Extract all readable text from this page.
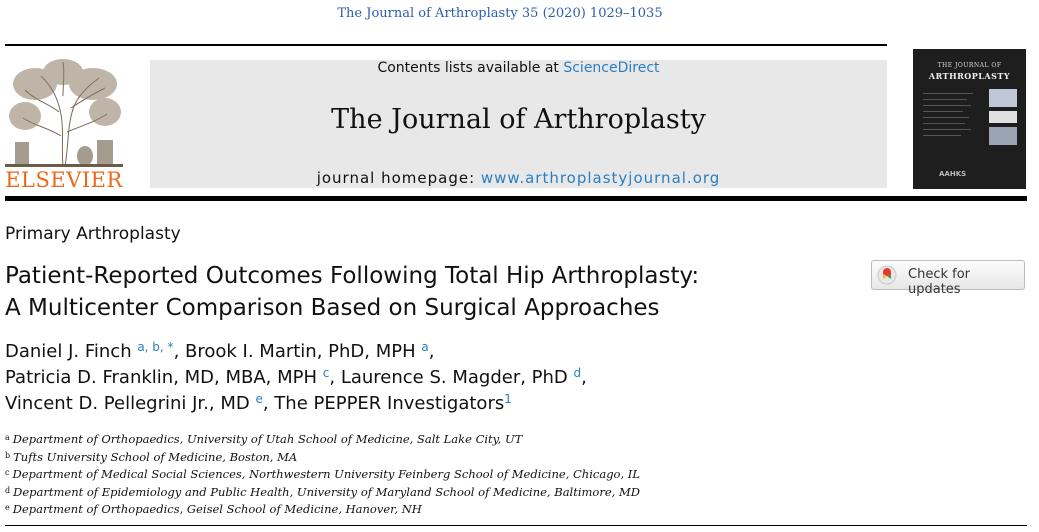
The Journal of Arthroplasty 35 (2020) 1029–1035
ELSEVIER
Contents lists available at ScienceDirect
The Journal of Arthroplasty
journal homepage: www.arthroplastyjournal.org
THE JOURNAL OF
ARTHROPLASTY
AAHKS
Primary Arthroplasty
Patient-Reported Outcomes Following Total Hip Arthroplasty:
A Multicenter Comparison Based on Surgical Approaches
Check for updates
Daniel J. Finch $^{a, b, *}$, Brook I. Martin, PhD, MPH $^a$,
Patricia D. Franklin, MD, MBA, MPH $^c$, Laurence S. Magder, PhD $^d$,
Vincent D. Pellegrini Jr., MD $^e$, The PEPPER Investigators$^1$
$^a$ Department of Orthopaedics, University of Utah School of Medicine, Salt Lake City, UT
$^b$ Tufts University School of Medicine, Boston, MA
$^c$ Department of Medical Social Sciences, Northwestern University Feinberg School of Medicine, Chicago, IL
$^d$ Department of Epidemiology and Public Health, University of Maryland School of Medicine, Baltimore, MD
$^e$ Department of Orthopaedics, Geisel School of Medicine, Hanover, NH
